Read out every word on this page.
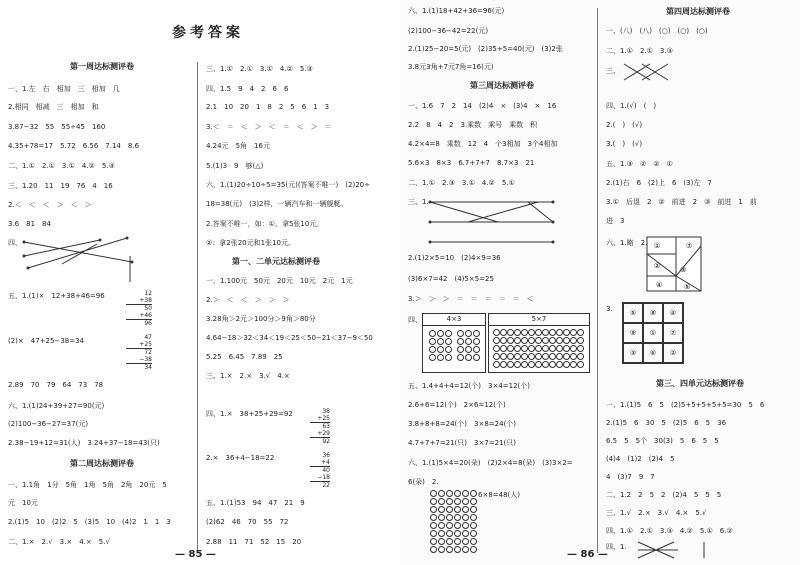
参考答案
第一周达标测评卷
一、1.左　右　相加　三　相加　几
2.相同　相减　三　相加　和
3.87−32　55　55÷45　160
4.35+78=17　5.72　6.56　7.14　8.6
二、1.①　2.①　3.①　4.②　5.③
三、1.20　11　19　76　4　16
2.＜　＜　＜　＞　＜　＞
3.6　81　84
四、
五、1.(1)×　12+38+46=96	12
+38
50
+46
96
(2)×　47+25−38=34	47
+25
72
−38
34
2.89　70　79　64　73　78
六、1.(1)24+39+27=90(元)
(2)100−36−27=37(元)
2.38−19+12=31(人)　3.24+37−18=43(只)
第二周达标测评卷
一、1.1角　1分　5角　1角　5角　2角　20元　5
元　10元
2.(1)5　10　(2)2　5　(3)5　10　(4)2　1　1　3
二、1.×　2.√　3.×　4.×　5.√
三、1.①　2.①　3.①　4.②　5.③
四、1.5　9　4　2　6　6
2.1　10　20　1　8　2　5　6　1　3
3.＜　＝　＜　＞　＜　＝　＜　＞　＝
4.24元　5角　16元
5.(1)3　9　够(△)
六、1.(1)20÷10÷5=35(元)(答案不唯一)　(2)20÷
18=38(元)　(3)2样，一辆汽车和一辆舰艇。
2.答案不唯一，如：①，拿5张10元。
②：拿2张20元和1张10元。
第一、二单元达标测评卷
一、1.100元　50元　20元　10元　2元　1元
2.＞　＜　＜　＞　＞　＞
3.28角＞2元＞100分＞9角＞80分
4.64−18＞32＜34＜19＜25＜50−21＜37−9＜50
5.25　6.45　7.89　25
三、1.×　2.×　3.√　4.×
四、1.×　38+25+29=92	38
+25
63
+29
92
2.×　36+4−18=22	36
+4
40
−18
22
五、1.(1)53　94　47　21　9
(2)62　46　70　55　72
2.88　11　71　52　15　20
— 85 —
六、1.(1)18+42+36=96(元)
(2)100−36−42=22(元)
2.(1)25−20=5(元)　(2)35+5=40(元)　(3)2张
3.8元3角+7元7角=16(元)
第三周达标测评卷
一、1.6　7　2　14　(2)4　×　(3)4　×　16
2.2　8　4　2　3.乘数　乘号　乘数　积
4.2×4=8　乘数　12　4　个3相加　3个4相加
5.6×3　8×3　6.7+7+7　8.7×3　21
二、1.①　2.③　3.①　4.②　5.①
三、1.
2.(1)2×5=10　(2)4×9=36
(3)6×7=42　(4)5×5=25
3.＞　＞　＞　＝　＝　＝　＝　＝　＜
四、	4×3	5×7
五、1.4+4+4=12(个)　3×4=12(个)
2.6+6=12(个)　2×6=12(个)
3.8+8+8=24(个)　3×8=24(个)
4.7+7+7=21(只)　3×7=21(只)
六、1.(1)5×4=20(朵)　(2)2×4=8(朵)　(3)3×2=
6(朵)　2.
6×8=48(人)
第四周达标测评卷
一、(八)　(八)　(○)　(○)　(○)
二、1.①　2.①　3.③
三、
四、1.(√)　(　)
2.(　)　(√)
3.(　)　(√)
五、1.③　②　②　①
2.(1)右　6　(2)上　6　(3)左　7
3.①　后退　2　②　前进　2　③　前进　1　前
进　3
六、1.略　2. ①
②	③
④	⑤
⑦
3.	⑤	⑧	④
⑨	①	⑦
③	⑥	②
第三、四单元达标测评卷
一、1.(1)5　6　5　(2)5+5+5+5+5=30　5　6
2.(1)5　6　30　5　(2)5　6　5　36
6.5　5　5个　30(3)　5　6　5　5
(4)4　(1)2　(2)4　5
4　(3)7　9　7
二、1.2　2　5　2　(2)4　5　5　5
三、1.√　2.×　3.√　4.×　5.√
四、1.①　2.①　3.③　4.②　5.①　6.②
四、1.
— 86 —
